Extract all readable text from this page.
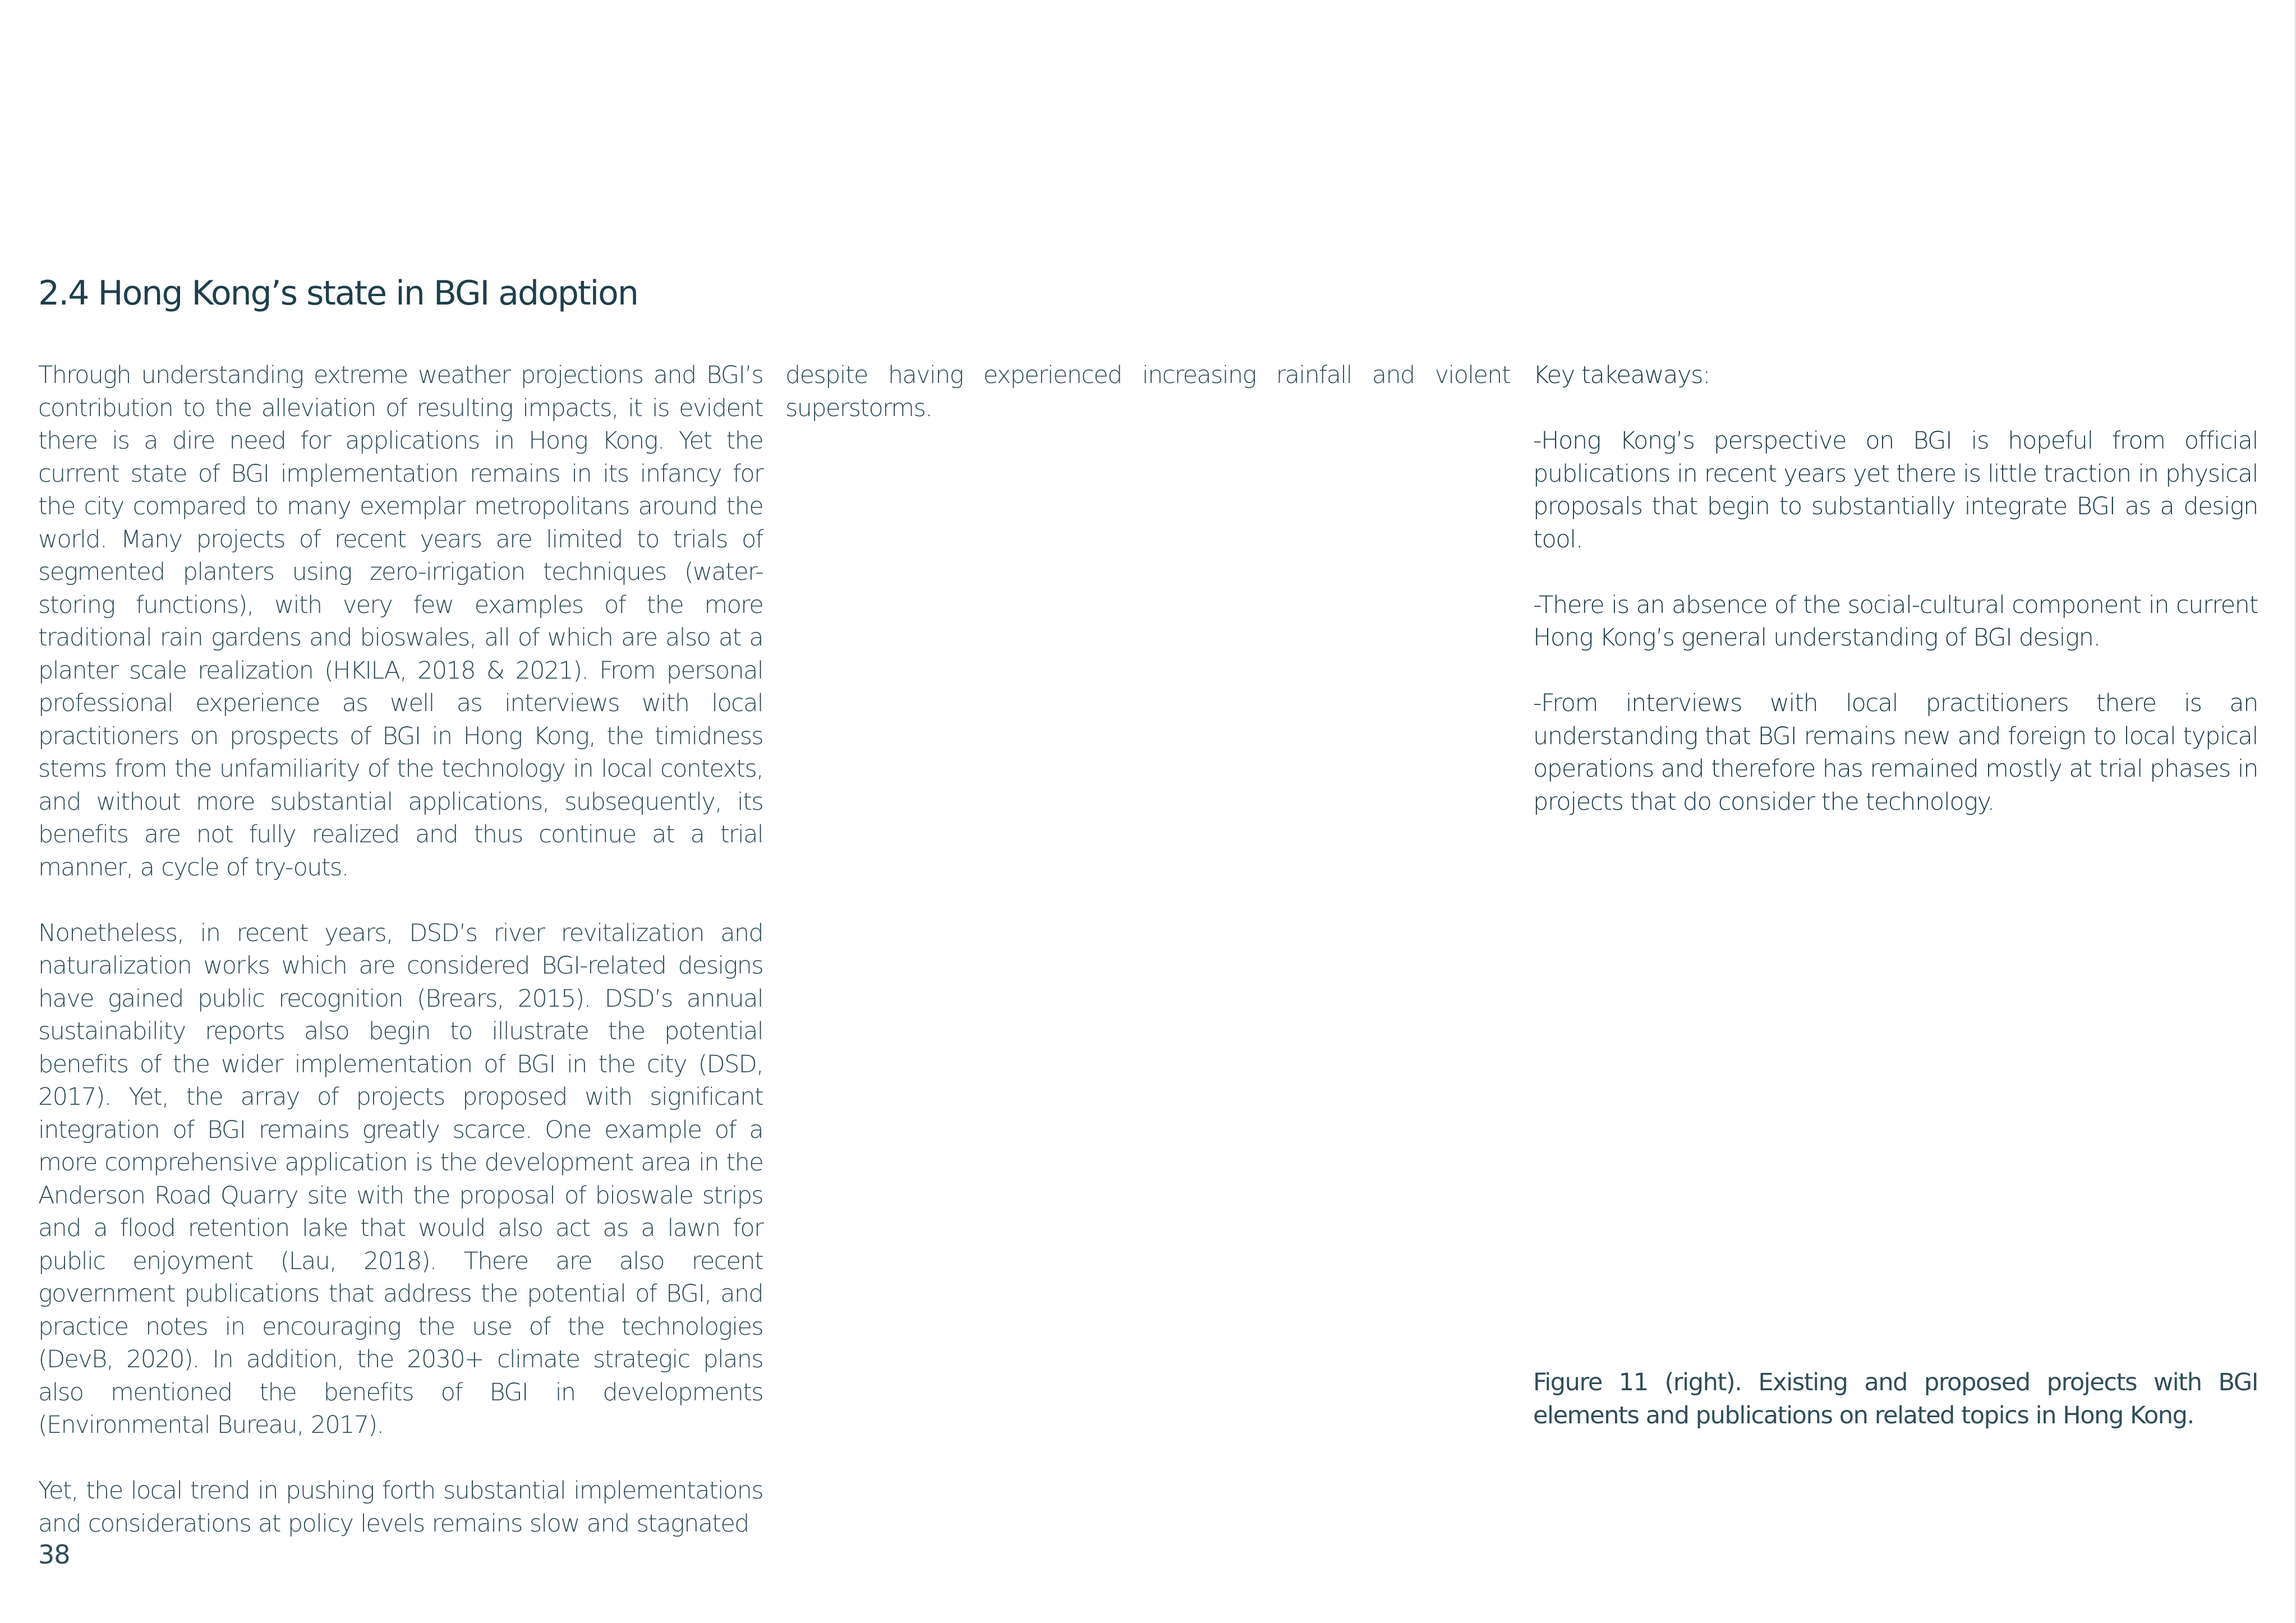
2.4 Hong Kong’s state in BGI adoption

Through understanding extreme weather projections and BGI’s contribution to the alleviation of resulting impacts, it is evident there is a dire need for applications in Hong Kong. Yet the current state of BGI implementation remains in its infancy for the city compared to many exemplar metropolitans around the world. Many projects of recent years are limited to trials of segmented planters using zero-irrigation techniques (water-storing functions), with very few examples of the more traditional rain gardens and bioswales, all of which are also at a planter scale realization (HKILA, 2018 & 2021). From personal professional experience as well as interviews with local practitioners on prospects of BGI in Hong Kong, the timidness stems from the unfamiliarity of the technology in local contexts, and without more substantial applications, subsequently, its benefits are not fully realized and thus continue at a trial manner, a cycle of try-outs.

Nonetheless, in recent years, DSD’s river revitalization and naturalization works which are considered BGI-related designs have gained public recognition (Brears, 2015). DSD’s annual sustainability reports also begin to illustrate the potential benefits of the wider implementation of BGI in the city (DSD, 2017). Yet, the array of projects proposed with significant integration of BGI remains greatly scarce. One example of a more comprehensive application is the development area in the Anderson Road Quarry site with the proposal of bioswale strips and a flood retention lake that would also act as a lawn for public enjoyment (Lau, 2018). There are also recent government publications that address the potential of BGI, and practice notes in encouraging the use of the technologies (DevB, 2020). In addition, the 2030+ climate strategic plans also mentioned the benefits of BGI in developments (Environmental Bureau, 2017).

Yet, the local trend in pushing forth substantial implementations and considerations at policy levels remains slow and stagnated

despite having experienced increasing rainfall and violent superstorms.

Key takeaways:

-Hong Kong’s perspective on BGI is hopeful from official publications in recent years yet there is little traction in physical proposals that begin to substantially integrate BGI as a design tool.

-There is an absence of the social-cultural component in current Hong Kong’s general understanding of BGI design.

-From interviews with local practitioners there is an understanding that BGI remains new and foreign to local typical operations and therefore has remained mostly at trial phases in projects that do consider the technology.

Figure 11 (right). Existing and proposed projects with BGI elements and publications on related topics in Hong Kong.

38
